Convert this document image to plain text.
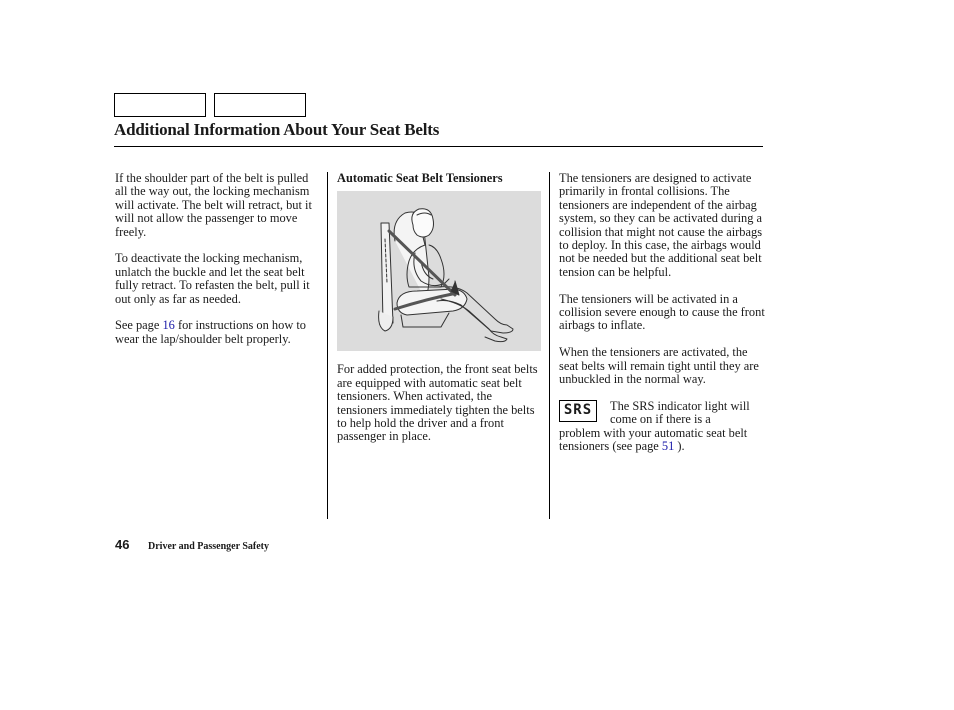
Additional Information About Your Seat Belts

If the shoulder part of the belt is pulled all the way out, the locking mechanism will activate. The belt will retract, but it will not allow the passenger to move freely.

To deactivate the locking mechanism, unlatch the buckle and let the seat belt fully retract. To refasten the belt, pull it out only as far as needed.

See page 16 for instructions on how to wear the lap/shoulder belt properly.

Automatic Seat Belt Tensioners

For added protection, the front seat belts are equipped with automatic seat belt tensioners. When activated, the tensioners immediately tighten the belts to help hold the driver and a front passenger in place.

The tensioners are designed to activate primarily in frontal collisions. The tensioners are independent of the airbag system, so they can be activated during a collision that might not cause the airbags to deploy. In this case, the airbags would not be needed but the additional seat belt tension can be helpful.

The tensioners will be activated in a collision severe enough to cause the front airbags to inflate.

When the tensioners are activated, the seat belts will remain tight until they are unbuckled in the normal way.

SRS	The SRS indicator light will come on if there is a
problem with your automatic seat belt tensioners (see page 51 ).

46 Driver and Passenger Safety
